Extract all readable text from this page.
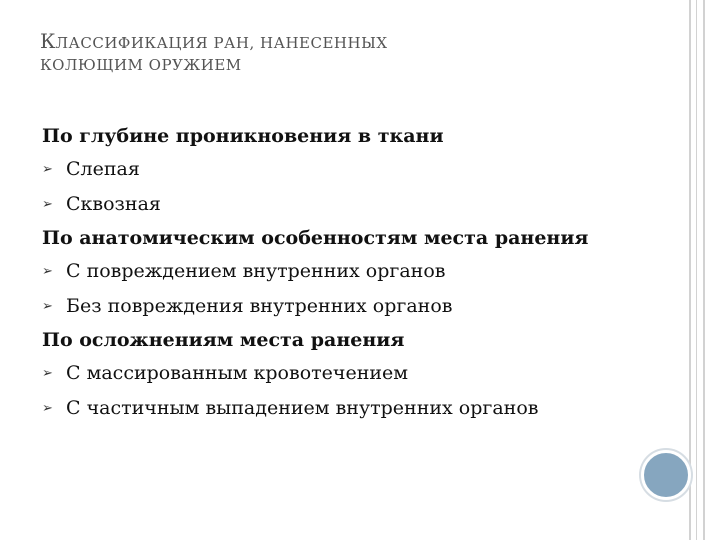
КЛАССИФИКАЦИЯ РАН, НАНЕСЕННЫХ
КОЛЮЩИМ ОРУЖИЕМ

По глубине проникновения в ткани

➢ Слепая

➢ Сквозная

По анатомическим особенностям места ранения

➢ С повреждением внутренних органов

➢ Без повреждения внутренних органов

По осложнениям места ранения

➢ С массированным кровотечением

➢ С частичным выпадением внутренних органов
